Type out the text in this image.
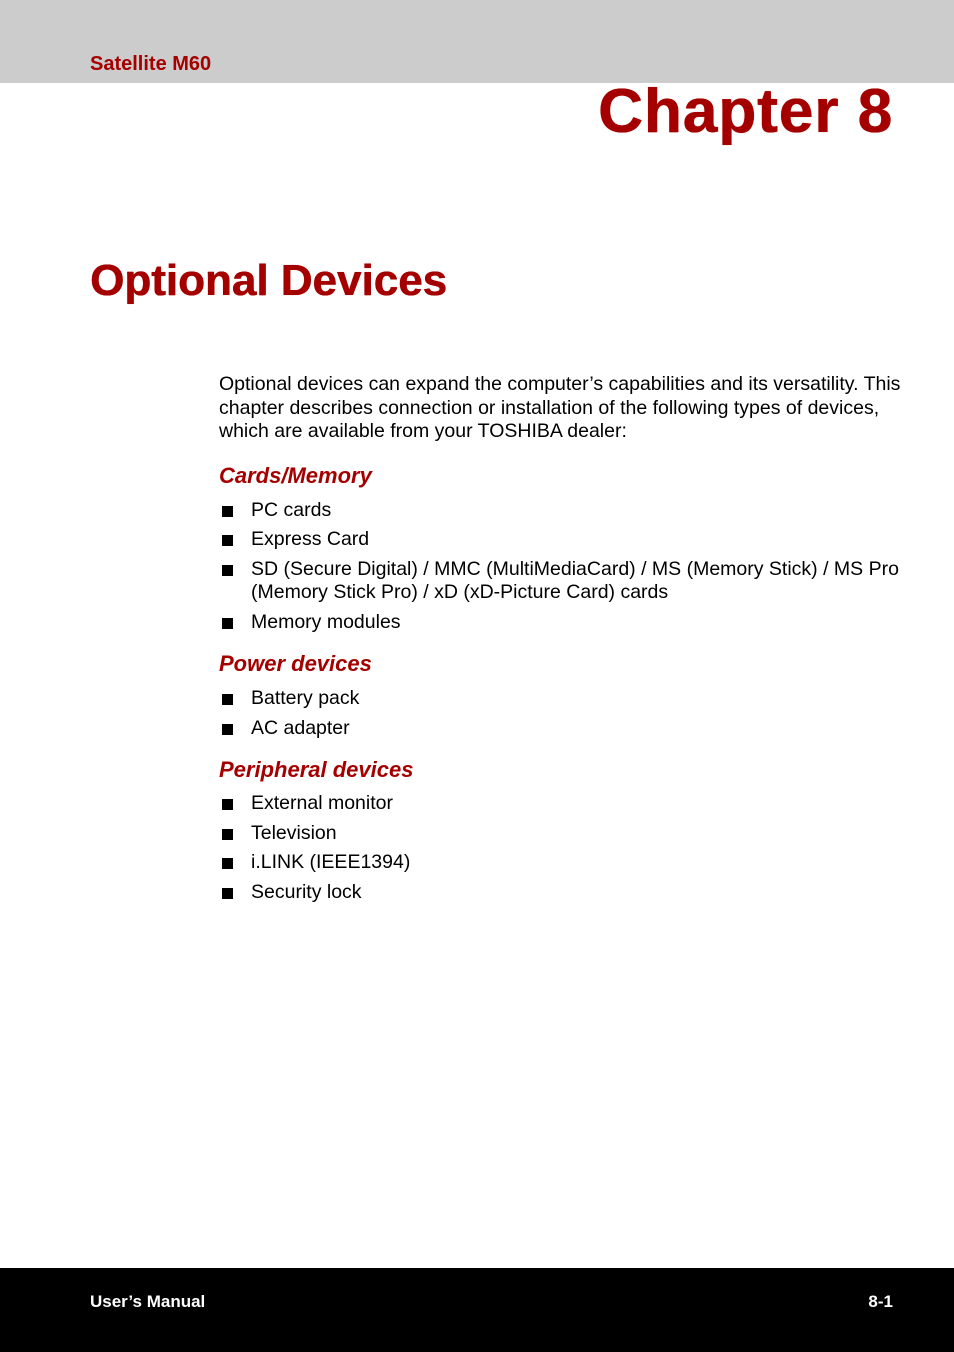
Satellite M60

Chapter 8
Optional Devices

Optional devices can expand the computer’s capabilities and its versatility. This chapter describes connection or installation of the following types of devices, which are available from your TOSHIBA dealer:

Cards/Memory
PC cards
Express Card
SD (Secure Digital) / MMC (MultiMediaCard) / MS (Memory Stick) / MS Pro (Memory Stick Pro) / xD (xD-Picture Card) cards
Memory modules
Power devices
Battery pack
AC adapter
Peripheral devices
External monitor
Television
i.LINK (IEEE1394)
Security lock
User’s Manual	8-1
